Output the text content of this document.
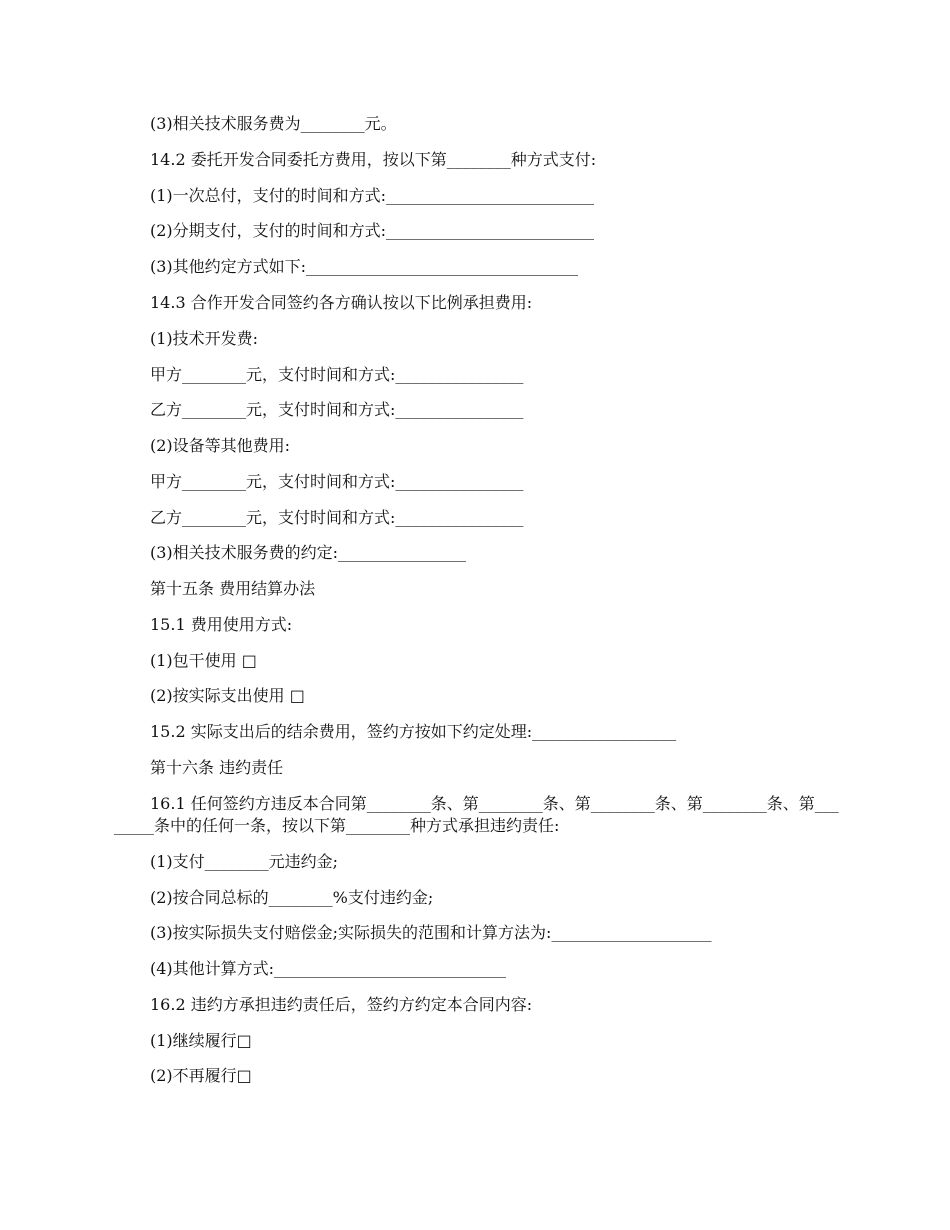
(3)相关技术服务费为________元。
14.2 委托开发合同委托方费用，按以下第________种方式支付:
(1)一次总付，支付的时间和方式:__________________________
(2)分期支付，支付的时间和方式:__________________________
(3)其他约定方式如下:__________________________________
14.3 合作开发合同签约各方确认按以下比例承担费用:
(1)技术开发费:
甲方________元，支付时间和方式:________________
乙方________元，支付时间和方式:________________
(2)设备等其他费用:
甲方________元，支付时间和方式:________________
乙方________元，支付时间和方式:________________
(3)相关技术服务费的约定:________________
第十五条 费用结算办法
15.1 费用使用方式:
(1)包干使用 □
(2)按实际支出使用 □
15.2 实际支出后的结余费用，签约方按如下约定处理:__________________
第十六条 违约责任
16.1 任何签约方违反本合同第________条、第________条、第________条、第________条、第________条中的任何一条，按以下第________种方式承担违约责任:
(1)支付________元违约金;
(2)按合同总标的________%支付违约金;
(3)按实际损失支付赔偿金;实际损失的范围和计算方法为:____________________
(4)其他计算方式:_____________________________
16.2 违约方承担违约责任后，签约方约定本合同内容:
(1)继续履行□
(2)不再履行□
